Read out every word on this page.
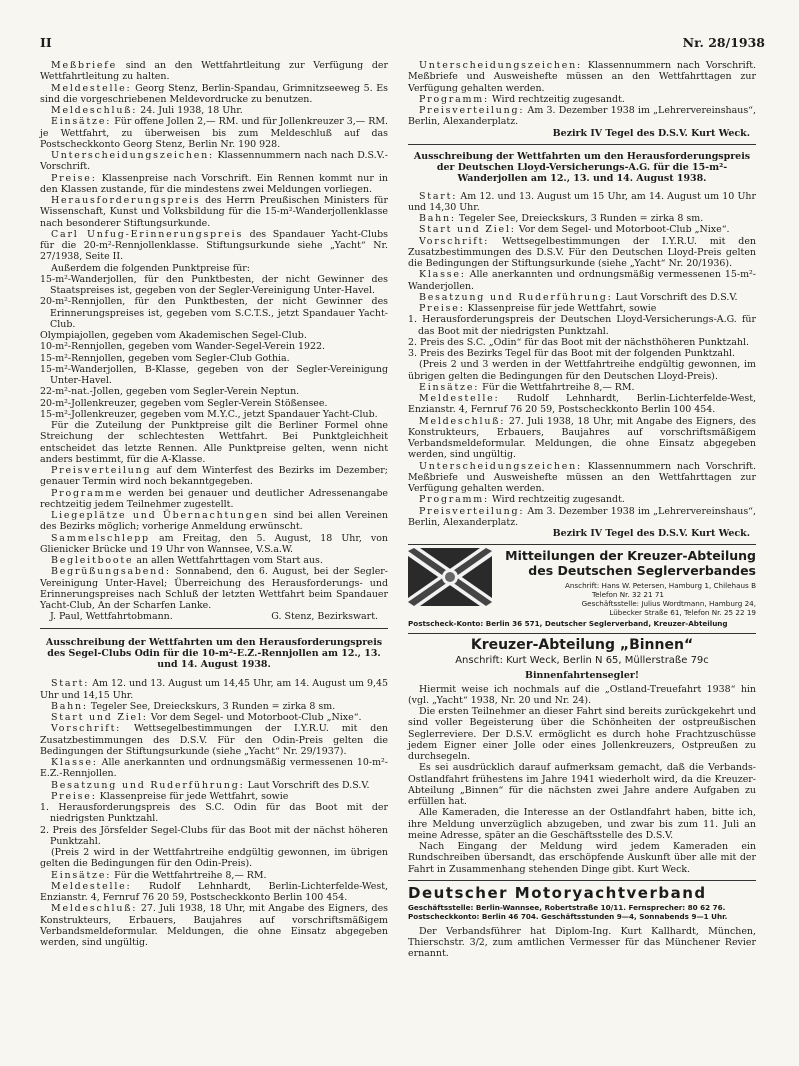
II	Nr. 28/1938

Meßbriefe sind an den Wettfahrtleitung zur Verfügung der Wettfahrtleitung zu halten.

Meldestelle: Georg Stenz, Berlin-Spandau, Grimnitzseeweg 5. Es sind die vorgeschriebenen Meldevordrucke zu benutzen.

Meldeschluß: 24. Juli 1938, 18 Uhr.

Einsätze: Für offene Jollen 2,— RM. und für Jollenkreuzer 3,— RM. je Wettfahrt, zu überweisen bis zum Meldeschluß auf das Postscheckkonto Georg Stenz, Berlin Nr. 190 928.

Unterscheidungszeichen: Klassennummern nach nach D.S.V.-Vorschrift.

Preise: Klassenpreise nach Vorschrift. Ein Rennen kommt nur in den Klassen zustande, für die mindestens zwei Meldungen vorliegen.

Herausforderungspreis des Herrn Preußischen Ministers für Wissenschaft, Kunst und Volksbildung für die 15-m²-Wanderjollenklasse nach besonderer Stiftungsurkunde.

Carl Unfug-Erinnerungspreis des Spandauer Yacht-Clubs für die 20-m²-Rennjollenklasse. Stiftungsurkunde siehe „Yacht“ Nr. 27/1938, Seite II.

Außerdem die folgenden Punktpreise für:

15-m²-Wanderjollen, für den Punktbesten, der nicht Gewinner des Staatspreises ist, gegeben von der Segler-Vereinigung Unter-Havel.

20-m²-Rennjollen, für den Punktbesten, der nicht Gewinner des Erinnerungspreises ist, gegeben vom S.C.T.S., jetzt Spandauer Yacht-Club.

Olympiajollen, gegeben vom Akademischen Segel-Club.

10-m²-Rennjollen, gegeben vom Wander-Segel-Verein 1922.

15-m²-Rennjollen, gegeben vom Segler-Club Gothia.

15-m²-Wanderjollen, B-Klasse, gegeben von der Segler-Vereinigung Unter-Havel.

22-m²-nat.-Jollen, gegeben vom Segler-Verein Neptun.

20-m²-Jollenkreuzer, gegeben vom Segler-Verein Stößensee.

15-m²-Jollenkreuzer, gegeben vom M.Y.C., jetzt Spandauer Yacht-Club.

Für die Zuteilung der Punktpreise gilt die Berliner Formel ohne Streichung der schlechtesten Wettfahrt. Bei Punktgleichheit entscheidet das letzte Rennen. Alle Punktpreise gelten, wenn nicht anders bestimmt, für die A-Klasse.

Preisverteilung auf dem Winterfest des Bezirks im Dezember; genauer Termin wird noch bekanntgegeben.

Programme werden bei genauer und deutlicher Adressenangabe rechtzeitig jedem Teilnehmer zugestellt.

Liegeplätze und Übernachtungen sind bei allen Vereinen des Bezirks möglich; vorherige Anmeldung erwünscht.

Sammelschlepp am Freitag, den 5. August, 18 Uhr, von Glienicker Brücke und 19 Uhr von Wannsee, V.S.a.W.

Begleitboote an allen Wettfahrttagen vom Start aus.

Begrüßungsabend: Sonnabend, den 6. August, bei der Segler-Vereinigung Unter-Havel; Überreichung des Herausforderungs- und Erinnerungspreises nach Schluß der letzten Wettfahrt beim Spandauer Yacht-Club, An der Scharfen Lanke.

J. Paul, Wettfahrtobmann.	G. Stenz, Bezirkswart.

Ausschreibung der Wettfahrten um den Herausforderungspreis des Segel-Clubs Odin für die 10-m²-E.Z.-Rennjollen am 12., 13. und 14. August 1938.

Start: Am 12. und 13. August um 14,45 Uhr, am 14. August um 9,45 Uhr und 14,15 Uhr.

Bahn: Tegeler See, Dreieckskurs, 3 Runden = zirka 8 sm.

Start und Ziel: Vor dem Segel- und Motorboot-Club „Nixe“.

Vorschrift: Wettsegelbestimmungen der I.Y.R.U. mit den Zusatzbestimmungen des D.S.V. Für den Odin-Preis gelten die Bedingungen der Stiftungsurkunde (siehe „Yacht“ Nr. 29/1937).

Klasse: Alle anerkannten und ordnungsmäßig vermessenen 10-m²-E.Z.-Rennjollen.

Besatzung und Ruderführung: Laut Vorschrift des D.S.V.

Preise: Klassenpreise für jede Wettfahrt, sowie

1. Herausforderungspreis des S.C. Odin für das Boot mit der niedrigsten Punktzahl.

2. Preis des Jörsfelder Segel-Clubs für das Boot mit der nächst höheren Punktzahl.

(Preis 2 wird in der Wettfahrtreihe endgültig gewonnen, im übrigen gelten die Bedingungen für den Odin-Preis).

Einsätze: Für die Wettfahrtreihe 8,— RM.

Meldestelle: Rudolf Lehnhardt, Berlin-Lichterfelde-West, Enzianstr. 4, Fernruf 76 20 59, Postscheckkonto Berlin 100 454.

Meldeschluß: 27. Juli 1938, 18 Uhr, mit Angabe des Eigners, des Konstrukteurs, Erbauers, Baujahres auf vorschriftsmäßigem Verbandsmeldeformular. Meldungen, die ohne Einsatz abgegeben werden, sind ungültig.

Unterscheidungszeichen: Klassennummern nach Vorschrift. Meßbriefe und Ausweishefte müssen an den Wettfahrttagen zur Verfügung gehalten werden.

Programm: Wird rechtzeitig zugesandt.

Preisverteilung: Am 3. Dezember 1938 im „Lehrervereinshaus“, Berlin, Alexanderplatz.

Bezirk IV Tegel des D.S.V. Kurt Weck.

Ausschreibung der Wettfahrten um den Herausforderungspreis der Deutschen Lloyd-Versicherungs-A.G. für die 15-m²-Wanderjollen am 12., 13. und 14. August 1938.

Start: Am 12. und 13. August um 15 Uhr, am 14. August um 10 Uhr und 14,30 Uhr.

Bahn: Tegeler See, Dreieckskurs, 3 Runden = zirka 8 sm.

Start und Ziel: Vor dem Segel- und Motorboot-Club „Nixe“.

Vorschrift: Wettsegelbestimmungen der I.Y.R.U. mit den Zusatzbestimmungen des D.S.V. Für den Deutschen Lloyd-Preis gelten die Bedingungen der Stiftungsurkunde (siehe „Yacht“ Nr. 20/1936).

Klasse: Alle anerkannten und ordnungsmäßig vermessenen 15-m²-Wanderjollen.

Besatzung und Ruderführung: Laut Vorschrift des D.S.V.

Preise: Klassenpreise für jede Wettfahrt, sowie

1. Herausforderungspreis der Deutschen Lloyd-Versicherungs-A.G. für das Boot mit der niedrigsten Punktzahl.

2. Preis des S.C. „Odin“ für das Boot mit der nächsthöheren Punktzahl.

3. Preis des Bezirks Tegel für das Boot mit der folgenden Punktzahl.

(Preis 2 und 3 werden in der Wettfahrtreihe endgültig gewonnen, im übrigen gelten die Bedingungen für den Deutschen Lloyd-Preis).

Einsätze: Für die Wettfahrtreihe 8,— RM.

Meldestelle: Rudolf Lehnhardt, Berlin-Lichterfelde-West, Enzianstr. 4, Fernruf 76 20 59, Postscheckkonto Berlin 100 454.

Meldeschluß: 27. Juli 1938, 18 Uhr, mit Angabe des Eigners, des Konstrukteurs, Erbauers, Baujahres auf vorschriftsmäßigem Verbandsmeldeformular. Meldungen, die ohne Einsatz abgegeben werden, sind ungültig.

Unterscheidungszeichen: Klassennummern nach Vorschrift. Meßbriefe und Ausweishefte müssen an den Wettfahrttagen zur Verfügung gehalten werden.

Programm: Wird rechtzeitig zugesandt.

Preisverteilung: Am 3. Dezember 1938 im „Lehrervereinshaus“, Berlin, Alexanderplatz.

Bezirk IV Tegel des D.S.V. Kurt Weck.

Mitteilungen der Kreuzer-Abteilung

des Deutschen Seglerverbandes

Anschrift: Hans W. Petersen, Hamburg 1, Chilehaus B

Telefon Nr. 32 21 71

Geschäftsstelle: Julius Wordtmann, Hamburg 24,

Lübecker Straße 61, Telefon Nr. 25 22 19

Postscheck-Konto: Berlin 36 571, Deutscher Seglerverband, Kreuzer-Abteilung

Kreuzer-Abteilung „Binnen“

Anschrift: Kurt Weck, Berlin N 65, Müllerstraße 79c

Binnenfahrtensegler!

Hiermit weise ich nochmals auf die „Ostland-Treuefahrt 1938“ hin (vgl. „Yacht“ 1938, Nr. 20 und Nr. 24).

Die ersten Teilnehmer an dieser Fahrt sind bereits zurückgekehrt und sind voller Begeisterung über die Schönheiten der ostpreußischen Seglerreviere. Der D.S.V. ermöglicht es durch hohe Frachtzuschüsse jedem Eigner einer Jolle oder eines Jollenkreuzers, Ostpreußen zu durchsegeln.

Es sei ausdrücklich darauf aufmerksam gemacht, daß die Verbands-Ostlandfahrt frühestens im Jahre 1941 wiederholt wird, da die Kreuzer-Abteilung „Binnen“ für die nächsten zwei Jahre andere Aufgaben zu erfüllen hat.

Alle Kameraden, die Interesse an der Ostlandfahrt haben, bitte ich, ihre Meldung unverzüglich abzugeben, und zwar bis zum 11. Juli an meine Adresse, später an die Geschäftsstelle des D.S.V.

Nach Eingang der Meldung wird jedem Kameraden ein Rundschreiben übersandt, das erschöpfende Auskunft über alle mit der Fahrt in Zusammenhang stehenden Dinge gibt. Kurt Weck.

Deutscher Motoryachtverband

Geschäftsstelle: Berlin-Wannsee, Robertstraße 10/11. Fernsprecher: 80 62 76.

Postscheckkonto: Berlin 46 704. Geschäftsstunden 9—4, Sonnabends 9—1 Uhr.

Der Verbandsführer hat Diplom-Ing. Kurt Kallhardt, München, Thierschstr. 3/2, zum amtlichen Vermesser für das Münchener Revier ernannt.
